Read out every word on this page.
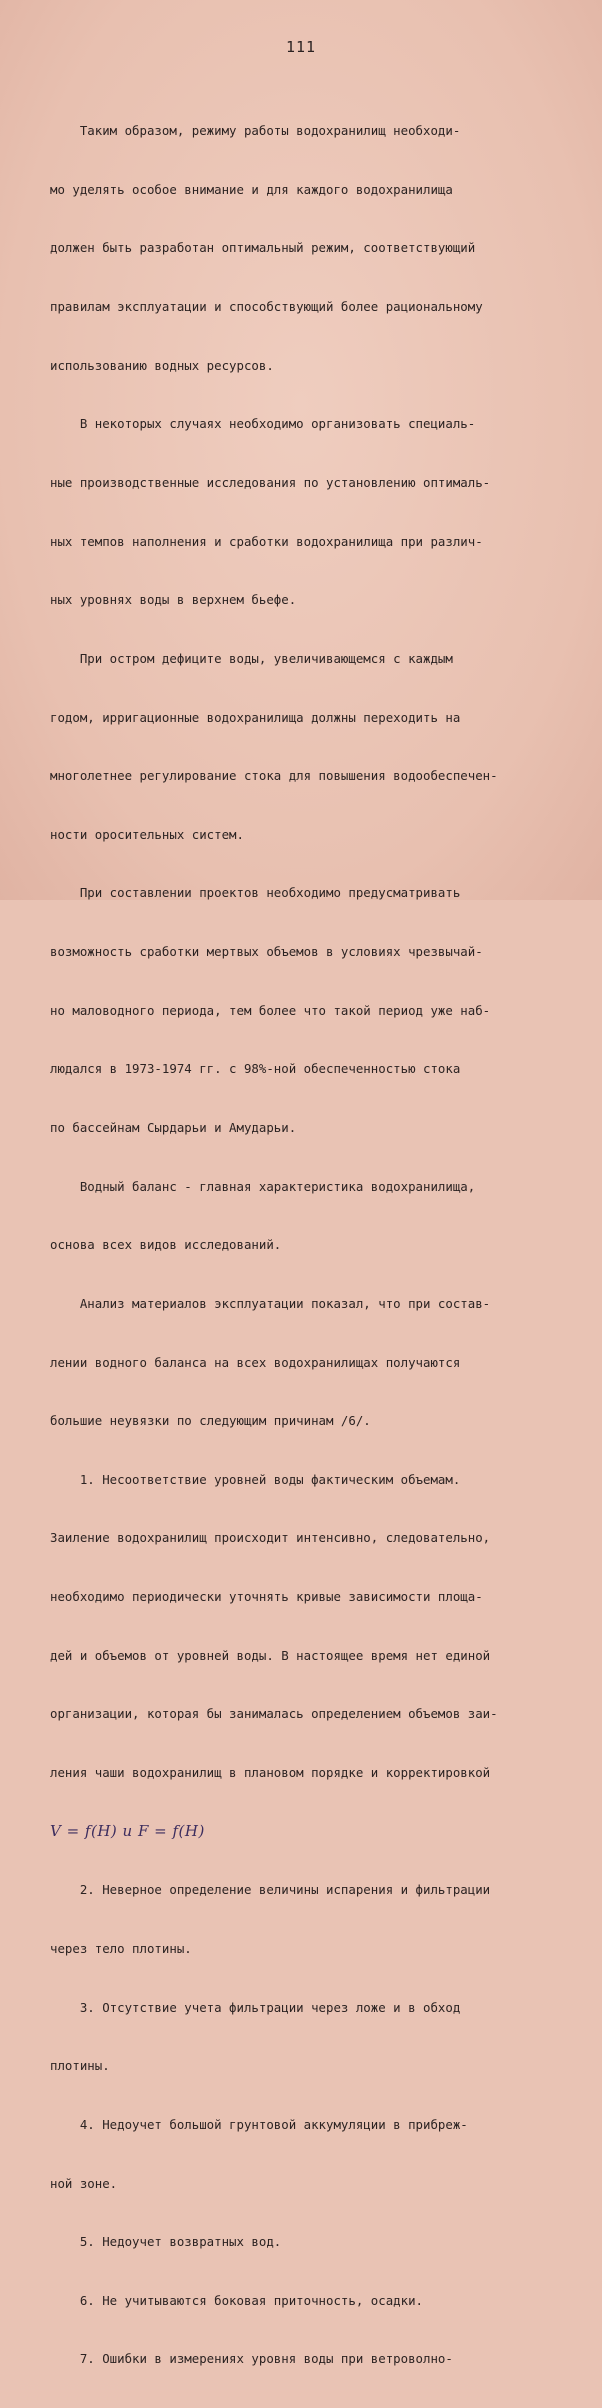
111

Таким образом, режиму работы водохранилищ необходи-

мо уделять особое внимание и для каждого водохранилища

должен быть разработан оптимальный режим, соответствующий

правилам эксплуатации и способствующий более рациональному

использованию водных ресурсов.

В некоторых случаях необходимо организовать специаль-

ные производственные исследования по установлению оптималь-

ных темпов наполнения и сработки водохранилища при различ-

ных уровнях воды в верхнем бьефе.

При остром дефиците воды, увеличивающемся с каждым

годом, ирригационные водохранилища должны переходить на

многолетнее регулирование стока для повышения водообеспечен-

ности оросительных систем.

При составлении проектов необходимо предусматривать

возможность сработки мертвых объемов в условиях чрезвычай-

но маловодного периода, тем более что такой период уже наб-

людался в 1973-1974 гг. с 98%-ной обеспеченностью стока

по бассейнам Сырдарьи и Амударьи.

Водный баланс - главная характеристика водохранилища,

основа всех видов исследований.

Анализ материалов эксплуатации показал, что при состав-

лении водного баланса на всех водохранилищах получаются

большие неувязки по следующим причинам /6/.

1. Несоответствие уровней воды фактическим объемам.

Заиление водохранилищ происходит интенсивно, следовательно,

необходимо периодически уточнять кривые зависимости площа-

дей и объемов от уровней воды. В настоящее время нет единой

организации, которая бы занималась определением объемов заи-

ления чаши водохранилищ в плановом порядке и корректировкой

V = f(H) и F = f(H)

2. Неверное определение величины испарения и фильтрации

через тело плотины.

3. Отсутствие учета фильтрации через ложе и в обход

плотины.

4. Недоучет большой грунтовой аккумуляции в прибреж-

ной зоне.

5. Недоучет возвратных вод.

6. Не учитываются боковая приточность, осадки.

7. Ошибки в измерениях уровня воды при ветроволно-
